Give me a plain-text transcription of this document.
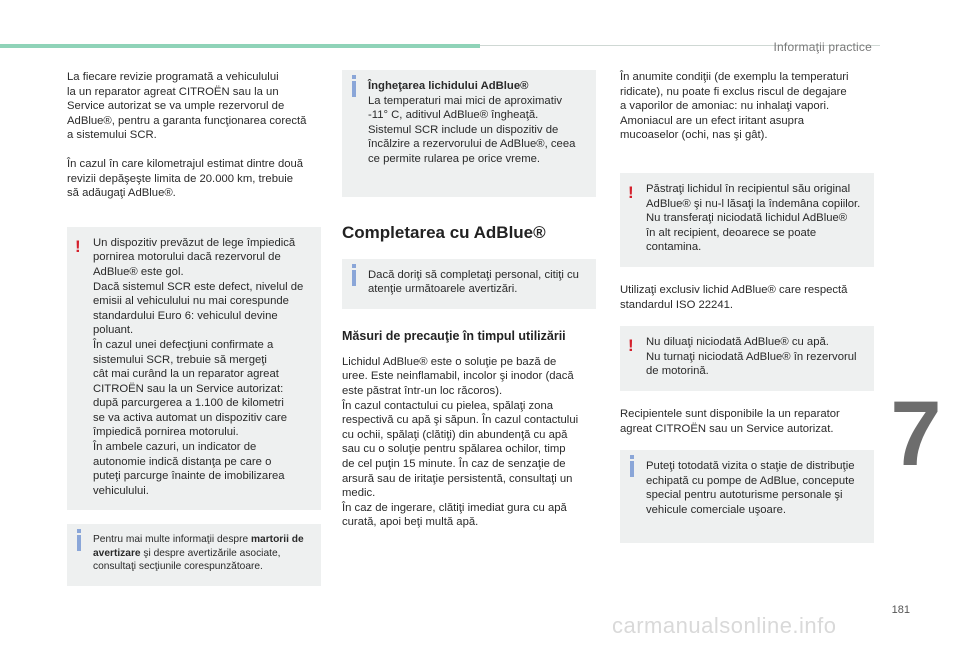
Informaţii practice
7

La fiecare revizie programată a vehiculului
la un reparator agreat CITROËN sau la un
Service autorizat se va umple rezervorul de
AdBlue®, pentru a garanta funcţionarea corectă
a sistemului SCR.

În cazul în care kilometrajul estimat dintre două
revizii depăşeşte limita de 20.000 km, trebuie
să adăugaţi AdBlue®.

! Un dispozitiv prevăzut de lege împiedică
pornirea motorului dacă rezervorul de
AdBlue® este gol.
Dacă sistemul SCR este defect, nivelul de
emisii al vehiculului nu mai corespunde
standardului Euro 6: vehiculul devine
poluant.
În cazul unei defecţiuni confirmate a
sistemului SCR, trebuie să mergeţi
cât mai curând la un reparator agreat
CITROËN sau la un Service autorizat:
după parcurgerea a 1.100 de kilometri
se va activa automat un dispozitiv care
împiedică pornirea motorului.
În ambele cazuri, un indicator de
autonomie indică distanţa pe care o
puteţi parcurge înainte de imobilizarea
vehiculului.

Pentru mai multe informaţii despre martorii de avertizare şi despre avertizările asociate, consultaţi secţiunile corespunzătoare.

Îngheţarea lichidului AdBlue®

La temperaturi mai mici de aproximativ
-11° C, aditivul AdBlue® îngheaţă.
Sistemul SCR include un dispozitiv de
încălzire a rezervorului de AdBlue®, ceea
ce permite rularea pe orice vreme.

Completarea cu AdBlue®

Dacă doriţi să completaţi personal, citiţi cu
atenţie următoarele avertizări.

Măsuri de precauţie în timpul utilizării

Lichidul AdBlue® este o soluţie pe bază de
uree. Este neinflamabil, incolor şi inodor (dacă
este păstrat într-un loc răcoros).
În cazul contactului cu pielea, spălaţi zona
respectivă cu apă şi săpun. În cazul contactului
cu ochii, spălaţi (clătiţi) din abundenţă cu apă
sau cu o soluţie pentru spălarea ochilor, timp
de cel puţin 15 minute. În caz de senzaţie de
arsură sau de iritaţie persistentă, consultaţi un
medic.
În caz de ingerare, clătiţi imediat gura cu apă
curată, apoi beţi multă apă.

În anumite condiţii (de exemplu la temperaturi
ridicate), nu poate fi exclus riscul de degajare
a vaporilor de amoniac: nu inhalaţi vapori.
Amoniacul are un efect iritant asupra
mucoaselor (ochi, nas şi gât).

! Păstraţi lichidul în recipientul său original
AdBlue® şi nu-l lăsaţi la îndemâna copiilor.
Nu transferaţi niciodată lichidul AdBlue®
în alt recipient, deoarece se poate
contamina.

Utilizaţi exclusiv lichid AdBlue® care respectă
standardul ISO 22241.

! Nu diluaţi niciodată AdBlue® cu apă.
Nu turnaţi niciodată AdBlue® în rezervorul
de motorină.

Recipientele sunt disponibile la un reparator
agreat CITROËN sau un Service autorizat.

Puteţi totodată vizita o staţie de distribuţie
echipată cu pompe de AdBlue, concepute
special pentru autoturisme personale şi
vehicule comerciale uşoare.

181
carmanualsonline.info
